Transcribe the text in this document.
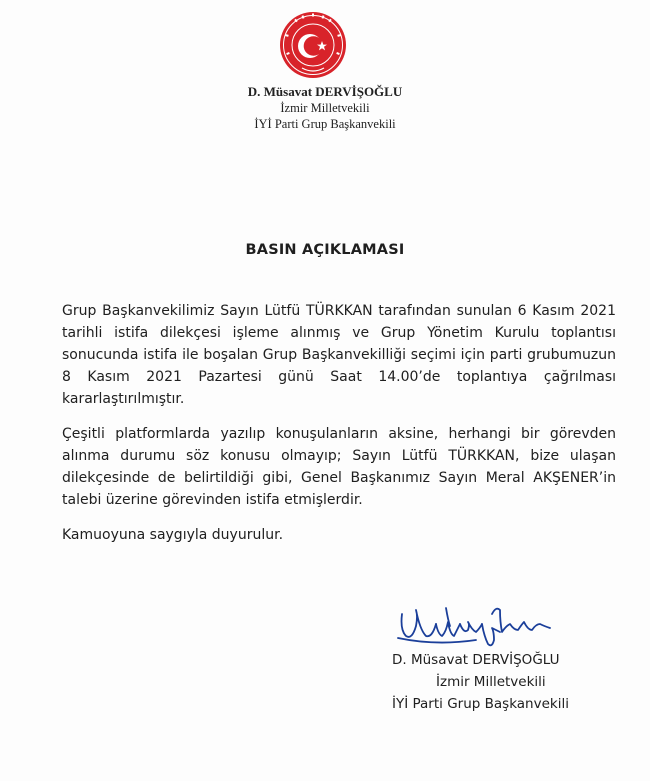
D. Müsavat DERVİŞOĞLU
İzmir Milletvekili
İYİ Parti Grup Başkanvekili
BASIN AÇIKLAMASI

Grup Başkanvekilimiz Sayın Lütfü TÜRKKAN tarafından sunulan 6 Kasım 2021 tarihli istifa dilekçesi işleme alınmış ve Grup Yönetim Kurulu toplantısı sonucunda istifa ile boşalan Grup Başkanvekilliği seçimi için parti grubumuzun 8 Kasım 2021 Pazartesi günü Saat 14.00’de toplantıya çağrılması kararlaştırılmıştır.

Çeşitli platformlarda yazılıp konuşulanların aksine, herhangi bir görevden alınma durumu söz konusu olmayıp; Sayın Lütfü TÜRKKAN, bize ulaşan dilekçesinde de belirtildiği gibi, Genel Başkanımız Sayın Meral AKŞENER’in talebi üzerine görevinden istifa etmişlerdir.

Kamuoyuna saygıyla duyurulur.

D. Müsavat DERVİŞOĞLU
İzmir Milletvekili
İYİ Parti Grup Başkanvekili
